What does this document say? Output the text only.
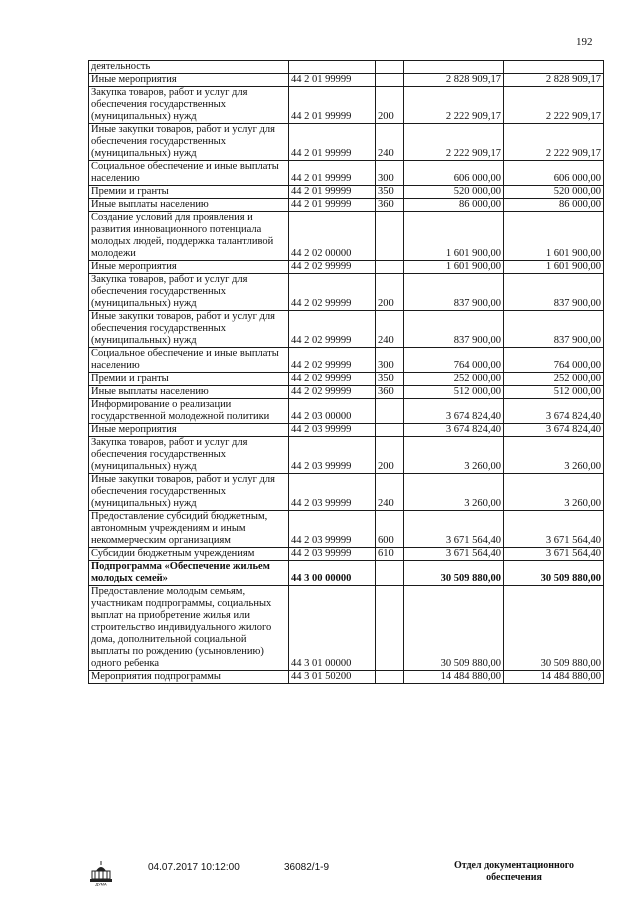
192
деятельность				
Иные мероприятия	44 2 01 99999		2 828 909,17	2 828 909,17
Закупка товаров, работ и услуг для обеспечения государственных (муниципальных) нужд	44 2 01 99999	200	2 222 909,17	2 222 909,17
Иные закупки товаров, работ и услуг для обеспечения государственных (муниципальных) нужд	44 2 01 99999	240	2 222 909,17	2 222 909,17
Социальное обеспечение и иные выплаты населению	44 2 01 99999	300	606 000,00	606 000,00
Премии и гранты	44 2 01 99999	350	520 000,00	520 000,00
Иные выплаты населению	44 2 01 99999	360	86 000,00	86 000,00
Создание условий для проявления и развития инновационного потенциала молодых людей, поддержка талантливой молодежи	44 2 02 00000		1 601 900,00	1 601 900,00
Иные мероприятия	44 2 02 99999		1 601 900,00	1 601 900,00
Закупка товаров, работ и услуг для обеспечения государственных (муниципальных) нужд	44 2 02 99999	200	837 900,00	837 900,00
Иные закупки товаров, работ и услуг для обеспечения государственных (муниципальных) нужд	44 2 02 99999	240	837 900,00	837 900,00
Социальное обеспечение и иные выплаты населению	44 2 02 99999	300	764 000,00	764 000,00
Премии и гранты	44 2 02 99999	350	252 000,00	252 000,00
Иные выплаты населению	44 2 02 99999	360	512 000,00	512 000,00
Информирование о реализации государственной молодежной политики	44 2 03 00000		3 674 824,40	3 674 824,40
Иные мероприятия	44 2 03 99999		3 674 824,40	3 674 824,40
Закупка товаров, работ и услуг для обеспечения государственных (муниципальных) нужд	44 2 03 99999	200	3 260,00	3 260,00
Иные закупки товаров, работ и услуг для обеспечения государственных (муниципальных) нужд	44 2 03 99999	240	3 260,00	3 260,00
Предоставление субсидий бюджетным, автономным учреждениям и иным некоммерческим организациям	44 2 03 99999	600	3 671 564,40	3 671 564,40
Субсидии бюджетным учреждениям	44 2 03 99999	610	3 671 564,40	3 671 564,40
Подпрограмма «Обеспечение жильем молодых семей»	44 3 00 00000		30 509 880,00	30 509 880,00
Предоставление молодым семьям, участникам подпрограммы, социальных выплат на приобретение жилья или строительство индивидуального жилого дома, дополнительной социальной выплаты по рождению (усыновлению) одного ребенка	44 3 01 00000		30 509 880,00	30 509 880,00
Мероприятия подпрограммы	44 3 01 50200		14 484 880,00	14 484 880,00
ДУМА
04.07.2017 10:12:00	36082/1-9	Отдел документационного обеспечения
